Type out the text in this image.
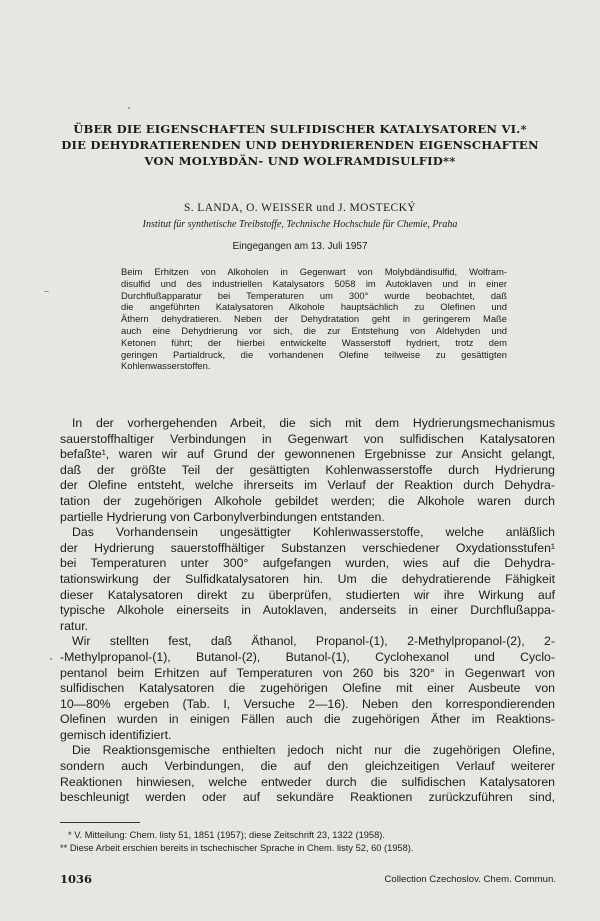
ÜBER DIE EIGENSCHAFTEN SULFIDISCHER KATALYSATOREN VI.*
DIE DEHYDRATIERENDEN UND DEHYDRIERENDEN EIGENSCHAFTEN
VON MOLYBDÄN- UND WOLFRAMDISULFID**
S. LANDA, O. WEISSER und J. MOSTECKÝ
Institut für synthetische Treibstoffe, Technische Hochschule für Chemie, Praha
Eingegangen am 13. Juli 1957
Beim Erhitzen von Alkoholen in Gegenwart von Molybdändisulfid, Wolfram-
disulfid und des industriellen Katalysators 5058 im Autoklaven und in einer
Durchflußapparatur bei Temperaturen um 300° wurde beobachtet, daß
die angeführten Katalysatoren Alkohole hauptsächlich zu Olefinen und
Äthern dehydratieren. Neben der Dehydratation geht in geringerem Maße
auch eine Dehydrierung vor sich, die zur Entstehung von Aldehyden und
Ketonen führt; der hierbei entwickelte Wasserstoff hydriert, trotz dem
geringen Partialdruck, die vorhandenen Olefine teilweise zu gesättigten
Kohlenwasserstoffen.
In der vorhergehenden Arbeit, die sich mit dem Hydrierungsmechanismus
sauerstoffhaltiger Verbindungen in Gegenwart von sulfidischen Katalysatoren
befaßte¹, waren wir auf Grund der gewonnenen Ergebnisse zur Ansicht gelangt,
daß der größte Teil der gesättigten Kohlenwasserstoffe durch Hydrierung
der Olefine entsteht, welche ihrerseits im Verlauf der Reaktion durch Dehydra-
tation der zugehörigen Alkohole gebildet werden; die Alkohole waren durch
partielle Hydrierung von Carbonylverbindungen entstanden.
Das Vorhandensein ungesättigter Kohlenwasserstoffe, welche anläßlich
der Hydrierung sauerstoffhältiger Substanzen verschiedener Oxydationsstufen¹
bei Temperaturen unter 300° aufgefangen wurden, wies auf die Dehydra-
tationswirkung der Sulfidkatalysatoren hin. Um die dehydratierende Fähigkeit
dieser Katalysatoren direkt zu überprüfen, studierten wir ihre Wirkung auf
typische Alkohole einerseits in Autoklaven, anderseits in einer Durchflußappa-
ratur.
Wir stellten fest, daß Äthanol, Propanol-(1), 2-Methylpropanol-(2), 2-
-Methylpropanol-(1), Butanol-(2), Butanol-(1), Cyclohexanol und Cyclo-
pentanol beim Erhitzen auf Temperaturen von 260 bis 320° in Gegenwart von
sulfidischen Katalysatoren die zugehörigen Olefine mit einer Ausbeute von
10—80% ergeben (Tab. I, Versuche 2—16). Neben den korrespondierenden
Olefinen wurden in einigen Fällen auch die zugehörigen Äther im Reaktions-
gemisch identifiziert.
Die Reaktionsgemische enthielten jedoch nicht nur die zugehörigen Olefine,
sondern auch Verbindungen, die auf den gleichzeitigen Verlauf weiterer
Reaktionen hinwiesen, welche entweder durch die sulfidischen Katalysatoren
beschleunigt werden oder auf sekundäre Reaktionen zurückzuführen sind,
* V. Mitteilung: Chem. listy 51, 1851 (1957); diese Zeitschrift 23, 1322 (1958).
** Diese Arbeit erschien bereits in tschechischer Sprache in Chem. listy 52, 60 (1958).
1036	Collection Czechoslov. Chem. Commun.
